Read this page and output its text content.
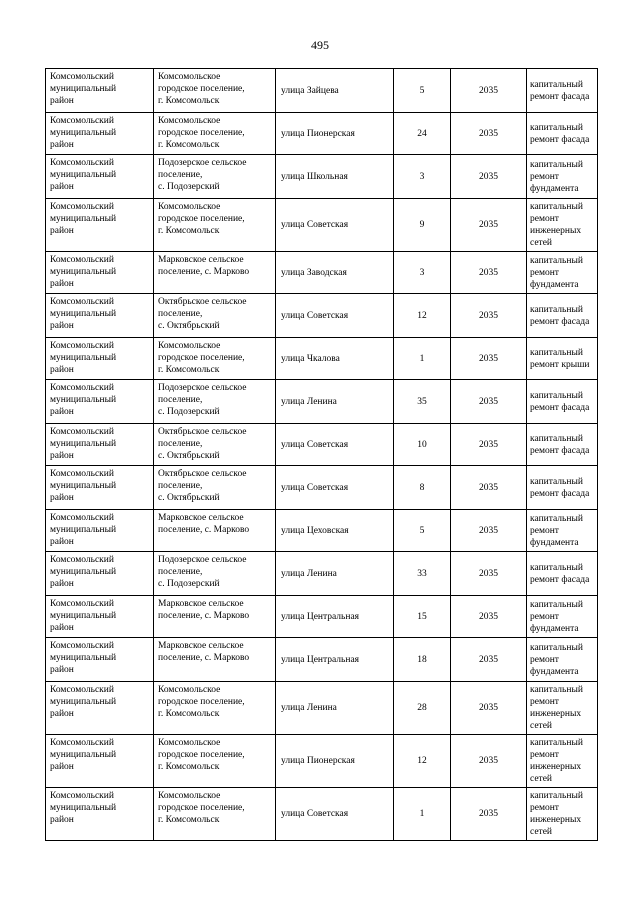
495
Комсомольский
муниципальный
район	Комсомольское
городское поселение,
г. Комсомольск	улица Зайцева	5	2035	капитальный
ремонт фасада

Комсомольский
муниципальный
район	Комсомольское
городское поселение,
г. Комсомольск	улица Пионерская	24	2035	капитальный
ремонт фасада

Комсомольский
муниципальный
район	Подозерское сельское
поселение,
с. Подозерский	улица Школьная	3	2035	капитальный
ремонт
фундамента

Комсомольский
муниципальный
район	Комсомольское
городское поселение,
г. Комсомольск	улица Советская	9	2035	капитальный
ремонт
инженерных
сетей

Комсомольский
муниципальный
район	Марковское сельское
поселение, с. Марково	улица Заводская	3	2035	капитальный
ремонт
фундамента

Комсомольский
муниципальный
район	Октябрьское сельское
поселение,
с. Октябрьский	улица Советская	12	2035	капитальный
ремонт фасада

Комсомольский
муниципальный
район	Комсомольское
городское поселение,
г. Комсомольск	улица Чкалова	1	2035	капитальный
ремонт крыши

Комсомольский
муниципальный
район	Подозерское сельское
поселение,
с. Подозерский	улица Ленина	35	2035	капитальный
ремонт фасада

Комсомольский
муниципальный
район	Октябрьское сельское
поселение,
с. Октябрьский	улица Советская	10	2035	капитальный
ремонт фасада

Комсомольский
муниципальный
район	Октябрьское сельское
поселение,
с. Октябрьский	улица Советская	8	2035	капитальный
ремонт фасада

Комсомольский
муниципальный
район	Марковское сельское
поселение, с. Марково	улица Цеховская	5	2035	капитальный
ремонт
фундамента

Комсомольский
муниципальный
район	Подозерское сельское
поселение,
с. Подозерский	улица Ленина	33	2035	капитальный
ремонт фасада

Комсомольский
муниципальный
район	Марковское сельское
поселение, с. Марково	улица Центральная	15	2035	капитальный
ремонт
фундамента

Комсомольский
муниципальный
район	Марковское сельское
поселение, с. Марково	улица Центральная	18	2035	капитальный
ремонт
фундамента

Комсомольский
муниципальный
район	Комсомольское
городское поселение,
г. Комсомольск	улица Ленина	28	2035	капитальный
ремонт
инженерных
сетей

Комсомольский
муниципальный
район	Комсомольское
городское поселение,
г. Комсомольск	улица Пионерская	12	2035	капитальный
ремонт
инженерных
сетей

Комсомольский
муниципальный
район	Комсомольское
городское поселение,
г. Комсомольск	улица Советская	1	2035	капитальный
ремонт
инженерных
сетей
